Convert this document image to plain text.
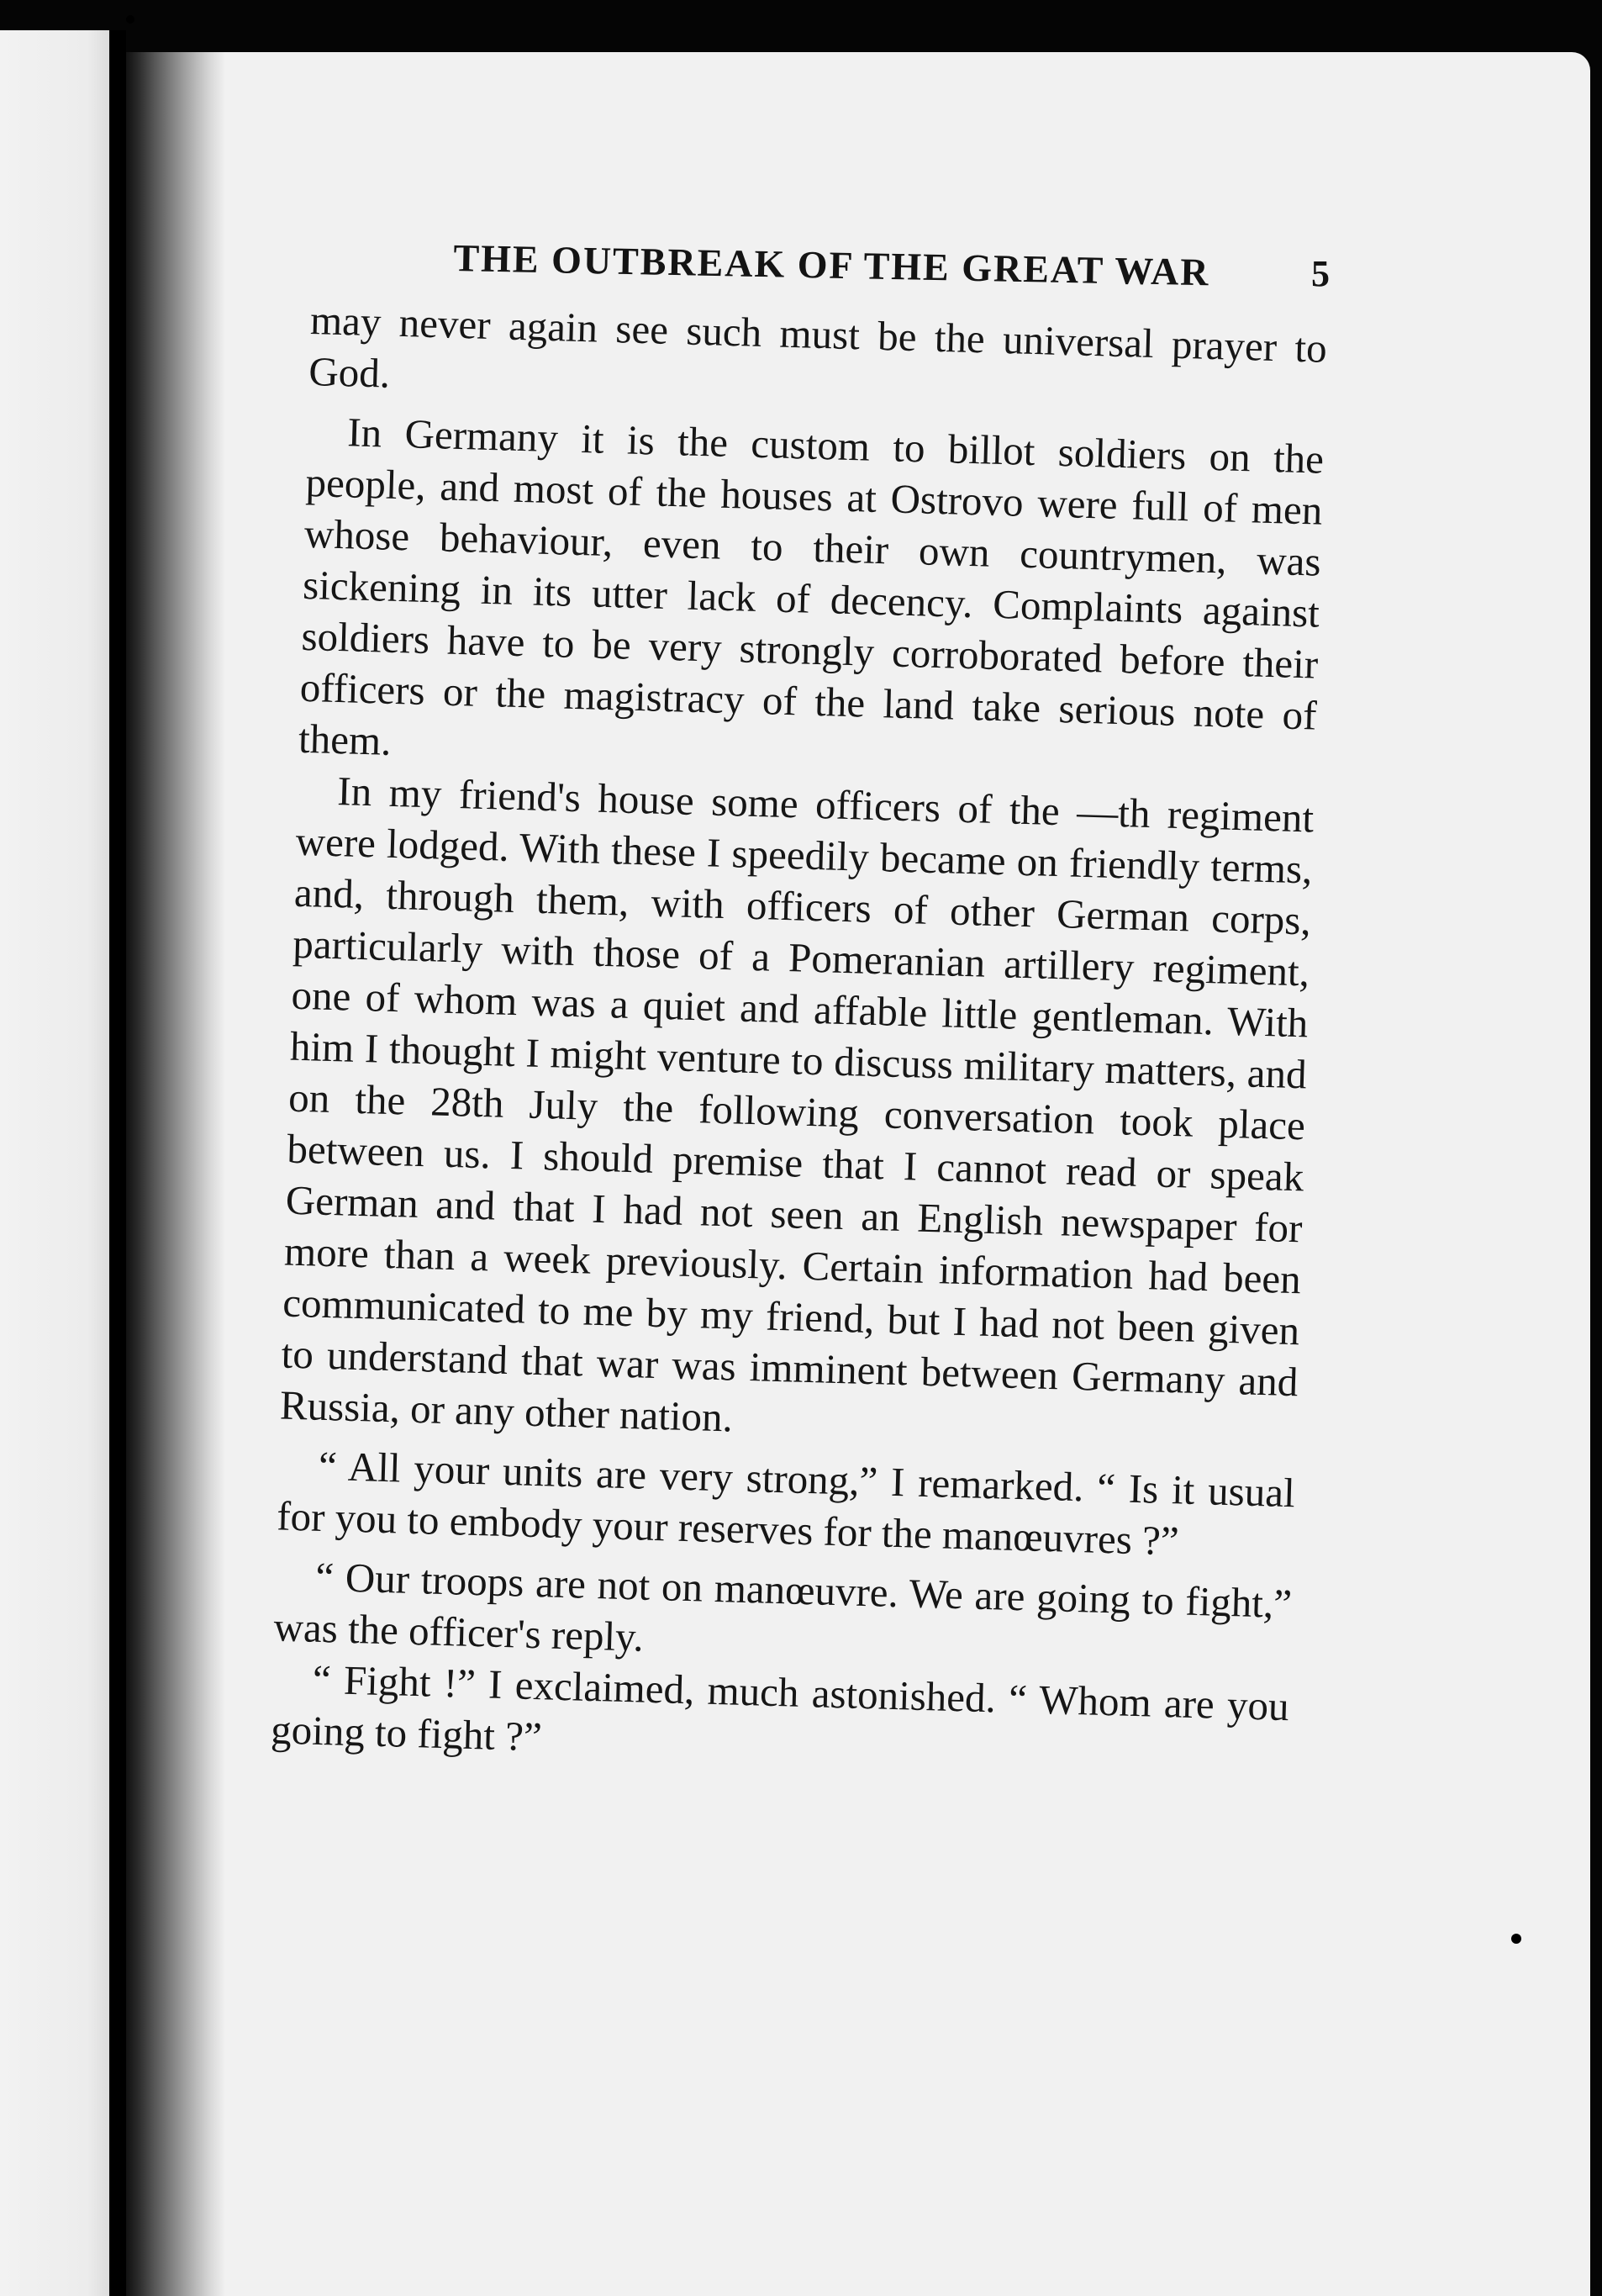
THE OUTBREAK OF THE GREAT WAR	5

may never again see such must be the universal prayer to God.

In Germany it is the custom to billot soldiers on the people, and most of the houses at Ostrovo were full of men whose behaviour, even to their own countrymen, was sickening in its utter lack of decency. Complaints against soldiers have to be very strongly corroborated before their officers or the magistracy of the land take serious note of them.

In my friend's house some officers of the —th regiment were lodged. With these I speedily became on friendly terms, and, through them, with officers of other German corps, particularly with those of a Pomeranian artillery regiment, one of whom was a quiet and affable little gentleman. With him I thought I might venture to discuss military matters, and on the 28th July the following conversation took place between us. I should premise that I cannot read or speak German and that I had not seen an English newspaper for more than a week previously. Certain information had been communicated to me by my friend, but I had not been given to understand that war was imminent between Germany and Russia, or any other nation.

“ All your units are very strong,” I remarked. “ Is it usual for you to embody your reserves for the manœuvres ?”

“ Our troops are not on manœuvre. We are going to fight,” was the officer's reply.

“ Fight !” I exclaimed, much astonished. “ Whom are you going to fight ?”
